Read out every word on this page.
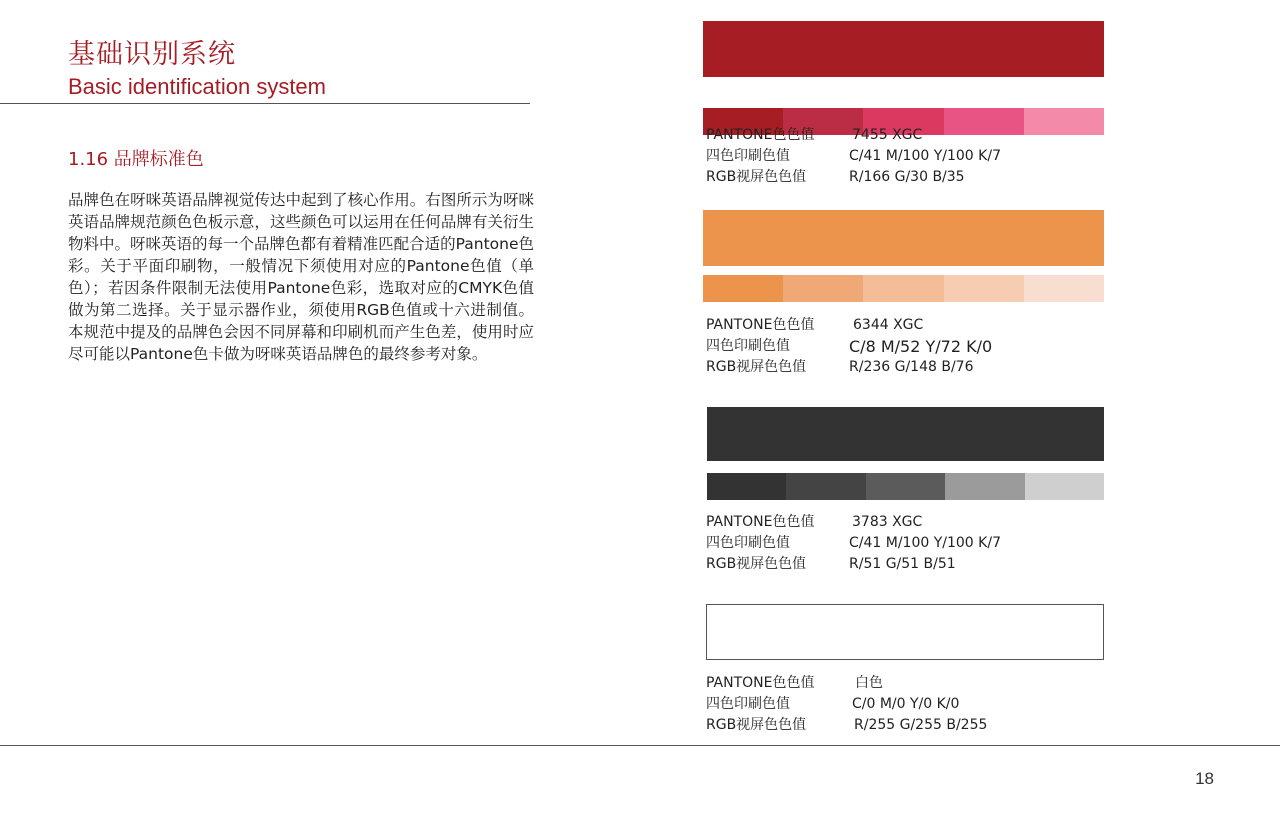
基础识别系统
Basic identification system
1.16 品牌标准色
品牌色在呀咪英语品牌视觉传达中起到了核心作用。右图所示为呀咪英语品牌规范颜色色板示意，这些颜色可以运用在任何品牌有关衍生物料中。呀咪英语的每一个品牌色都有着精准匹配合适的Pantone色彩。关于平面印刷物，一般情况下须使用对应的Pantone色值（单色）；若因条件限制无法使用Pantone色彩，选取对应的CMYK色值做为第二选择。关于显示器作业，须使用RGB色值或十六进制值。本规范中提及的品牌色会因不同屏幕和印刷机而产生色差，使用时应尽可能以Pantone色卡做为呀咪英语品牌色的最终参考对象。
PANTONE色色值	7455 XGC
四色印刷色值	C/41 M/100 Y/100 K/7
RGB视屏色色值	R/166 G/30 B/35
PANTONE色色值	6344 XGC
四色印刷色值	C/8 M/52 Y/72 K/0
RGB视屏色色值	R/236 G/148 B/76
PANTONE色色值	3783 XGC
四色印刷色值	C/41 M/100 Y/100 K/7
RGB视屏色色值	R/51 G/51 B/51
PANTONE色色值	白色
四色印刷色值	C/0 M/0 Y/0 K/0
RGB视屏色色值	R/255 G/255 B/255
18
